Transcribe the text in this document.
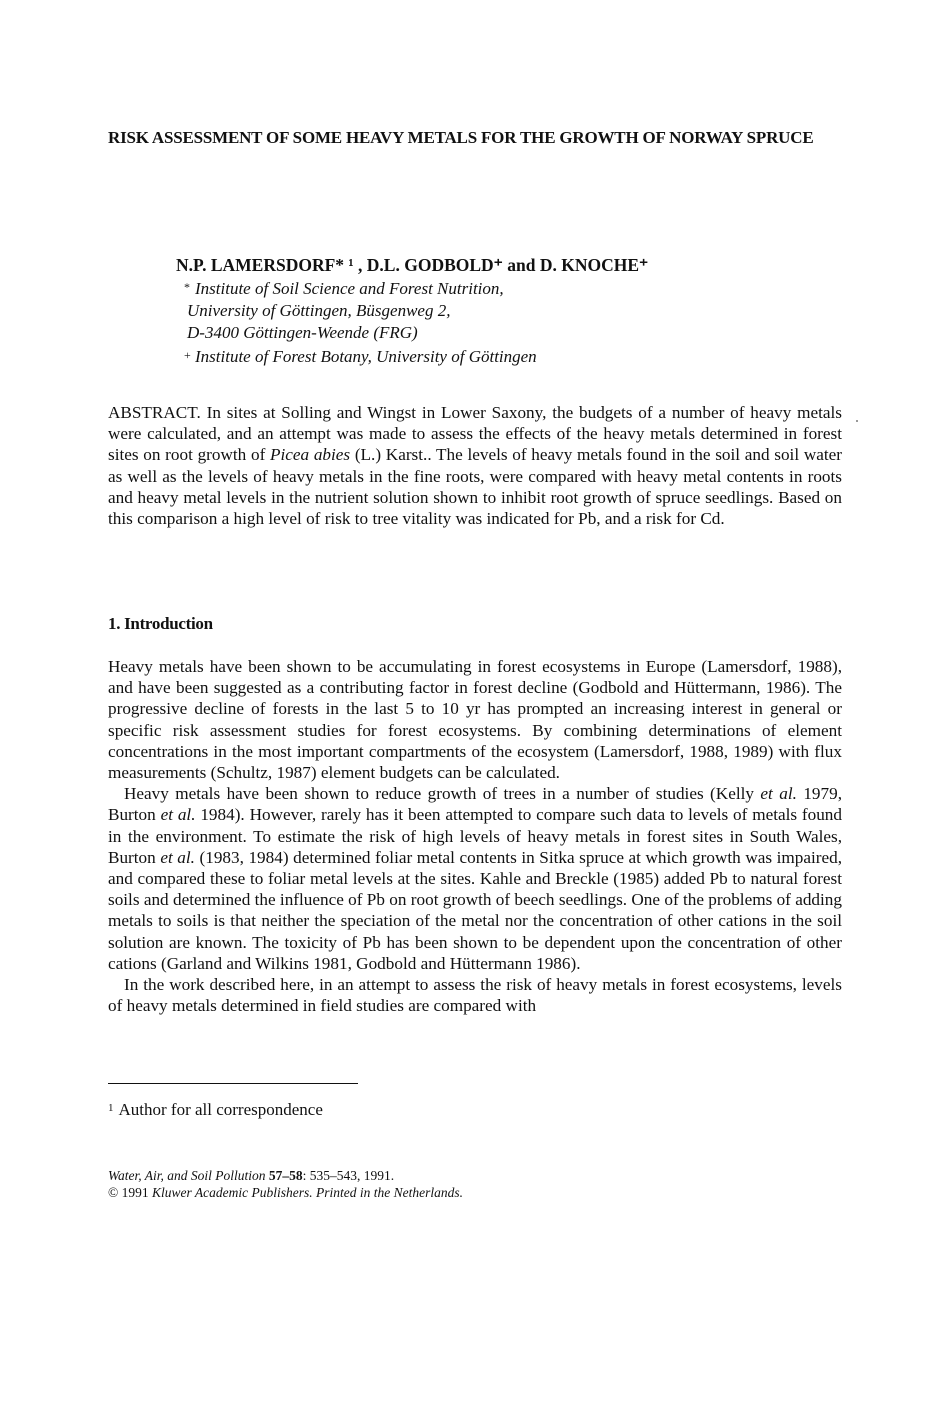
RISK ASSESSMENT OF SOME HEAVY METALS FOR THE GROWTH OF NORWAY SPRUCE
N.P. LAMERSDORF* ¹ , D.L. GODBOLD⁺ and D. KNOCHE⁺
* Institute of Soil Science and Forest Nutrition,
University of Göttingen, Büsgenweg 2,
D-3400 Göttingen-Weende (FRG)
+ Institute of Forest Botany, University of Göttingen
ABSTRACT. In sites at Solling and Wingst in Lower Saxony, the budgets of a number of heavy metals were calculated, and an attempt was made to assess the effects of the heavy metals determined in forest sites on root growth of Picea abies (L.) Karst.. The levels of heavy metals found in the soil and soil water as well as the levels of heavy metals in the fine roots, were compared with heavy metal contents in roots and heavy metal levels in the nutrient solution shown to inhibit root growth of spruce seedlings. Based on this comparison a high level of risk to tree vitality was indicated for Pb, and a risk for Cd.
1. Introduction

Heavy metals have been shown to be accumulating in forest ecosystems in Europe (Lamersdorf, 1988), and have been suggested as a contributing factor in forest decline (Godbold and Hüttermann, 1986). The progressive decline of forests in the last 5 to 10 yr has prompted an increasing interest in general or specific risk assessment studies for forest ecosystems. By combining determinations of element concentrations in the most important compartments of the ecosystem (Lamersdorf, 1988, 1989) with flux measurements (Schultz, 1987) element budgets can be calculated.

Heavy metals have been shown to reduce growth of trees in a number of studies (Kelly et al. 1979, Burton et al. 1984). However, rarely has it been attempted to compare such data to levels of metals found in the environment. To estimate the risk of high levels of heavy metals in forest sites in South Wales, Burton et al. (1983, 1984) determined foliar metal contents in Sitka spruce at which growth was impaired, and compared these to foliar metal levels at the sites. Kahle and Breckle (1985) added Pb to natural forest soils and determined the influence of Pb on root growth of beech seedlings. One of the problems of adding metals to soils is that neither the speciation of the metal nor the concentration of other cations in the soil solution are known. The toxicity of Pb has been shown to be dependent upon the concentration of other cations (Garland and Wilkins 1981, Godbold and Hüttermann 1986).

In the work described here, in an attempt to assess the risk of heavy metals in forest ecosystems, levels of heavy metals determined in field studies are compared with

$^1$ Author for all correspondence
Water, Air, and Soil Pollution 57–58: 535–543, 1991.
© 1991 Kluwer Academic Publishers. Printed in the Netherlands.
